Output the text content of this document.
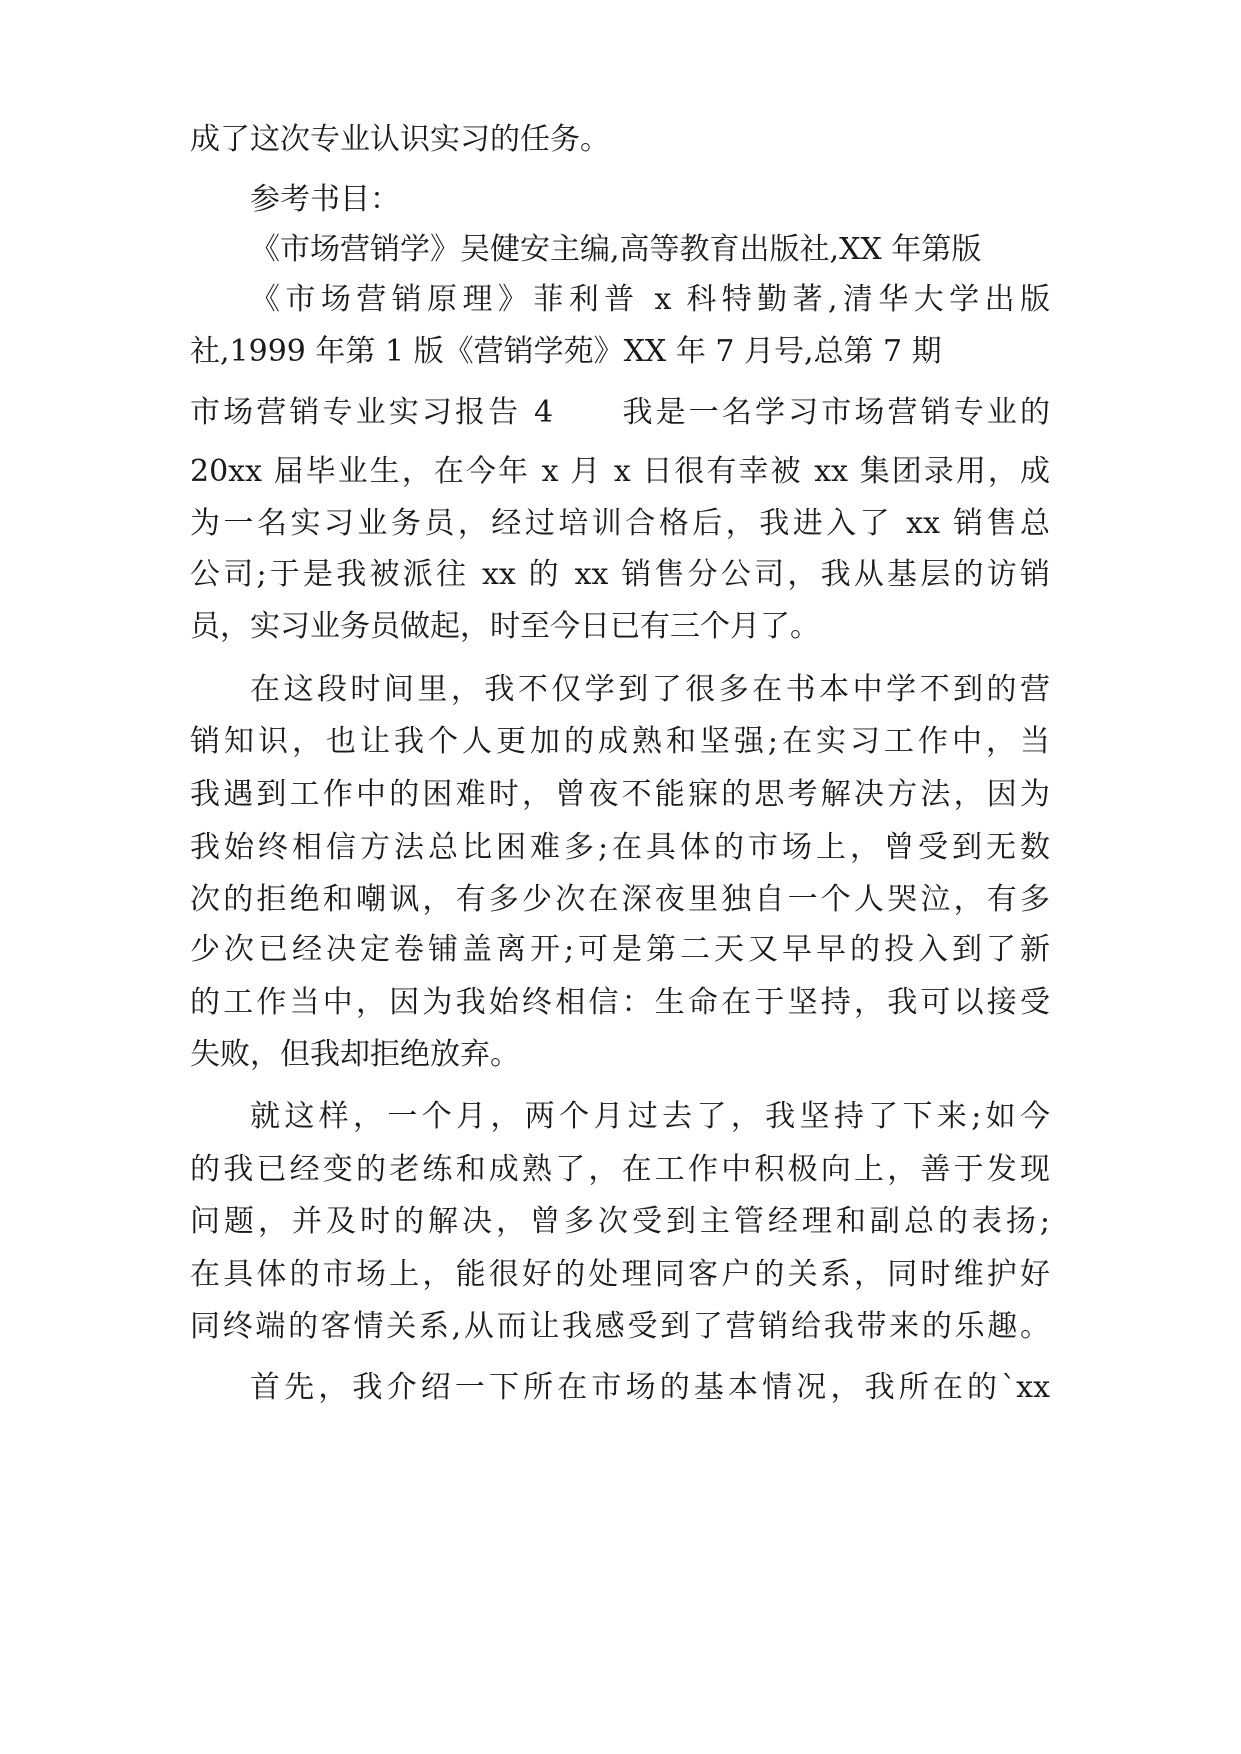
成了这次专业认识实习的任务。
参考书目：
《市场营销学》吴健安主编,高等教育出版社,XX 年第版
《市场营销原理》菲利普 x 科特勤著,清华大学出版
社,1999 年第 1 版《营销学苑》XX 年 7 月号,总第 7 期
市场营销专业实习报告 4　　我是一名学习市场营销专业的
20xx 届毕业生，在今年 x 月 x 日很有幸被 xx 集团录用，成
为一名实习业务员，经过培训合格后，我进入了 xx 销售总
公司;于是我被派往 xx 的 xx 销售分公司，我从基层的访销
员，实习业务员做起，时至今日已有三个月了。
在这段时间里，我不仅学到了很多在书本中学不到的营
销知识，也让我个人更加的成熟和坚强;在实习工作中，当
我遇到工作中的困难时，曾夜不能寐的思考解决方法，因为
我始终相信方法总比困难多;在具体的市场上，曾受到无数
次的拒绝和嘲讽，有多少次在深夜里独自一个人哭泣，有多
少次已经决定卷铺盖离开;可是第二天又早早的投入到了新
的工作当中，因为我始终相信：生命在于坚持，我可以接受
失败，但我却拒绝放弃。
就这样，一个月，两个月过去了，我坚持了下来;如今
的我已经变的老练和成熟了，在工作中积极向上，善于发现
问题，并及时的解决，曾多次受到主管经理和副总的表扬;
在具体的市场上，能很好的处理同客户的关系，同时维护好
同终端的客情关系,从而让我感受到了营销给我带来的乐趣。
首先，我介绍一下所在市场的基本情况，我所在的`xx
